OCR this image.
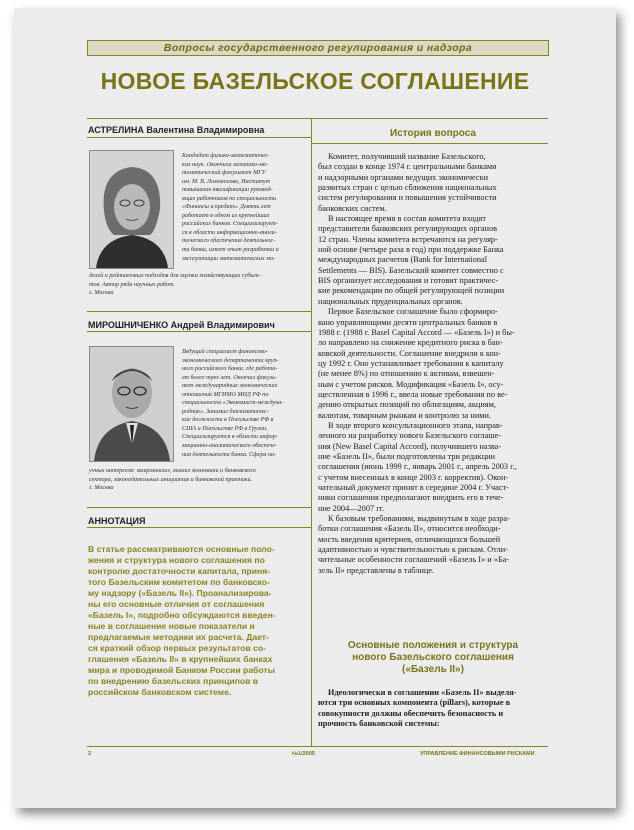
Вопросы государственного регулирования и надзора
НОВОЕ БАЗЕЛЬСКОЕ СОГЛАШЕНИЕ
АСТРЕЛИНА Валентина Владимировна
Кандидат физико-математичес-
ких наук. Окончила механико-ма-
тематический факультет МГУ
им. М. В. Ломоносова, Институт
повышения квалификации руковод-
ящих работников по специальности
«Финансы и кредит». Девять лет
работает в одном из крупнейших
российских банков. Специализирует-
ся в области информационно-анали-
тического обеспечения деятельнос-
ти банка, имеет опыт разработки и
эксплуатации математических мо-
делей и рейтинговых подходов для оценки хозяйствующих субъек-
тов. Автор ряда научных работ.
г. Москва
МИРОШНИЧЕНКО Андрей Владимирович
Ведущий специалист финансово-
экономического департамента круп-
ного российского банка, где работа-
ет более трех лет. Окончил факуль-
тет международных экономических
отношений МГИМО МИД РФ по
специальности «Экономист-междуна-
родник». Занимал дипломатичес-
кие должности в Посольстве РФ в
США и Посольстве РФ в Грузии.
Специализируется в области инфор-
мационно-аналитического обеспече-
ния деятельности банка. Сфера на-
учных интересов: макроанализ, анализ экономики и банковского
сектора, законодательных инициатив и банковской практики.
г. Москва
АННОТАЦИЯ
В статье рассматриваются основные поло-
жения и структура нового соглашения по
контролю достаточности капитала, приня-
того Базельским комитетом по банковско-
му надзору («Базель II»). Проанализирова-
ны его основные отличия от соглашения
«Базель I», подробно обсуждаются введен-
ные в соглашение новые показатели и
предлагаемые методики их расчета. Дает-
ся краткий обзор первых результатов со-
глашения «Базель II» в крупнейших банках
мира и проводимой Банком России работы
по внедрению базельских принципов в
российском банковском системе.
История вопроса
Комитет, получивший название Базельского,
был создан в конце 1974 г. центральными банками
и надзорными органами ведущих экономически
развитых стран с целью сближения национальных
систем регулирования и повышения устойчивости
банковских систем.
В настоящее время в состав комитета входят
представители банковских регулирующих органов
12 стран. Члены комитета встречаются на регуляр-
ной основе (четыре раза в год) при поддержке Банка
международных расчетов (Bank for International
Settlements — BIS). Базельский комитет совместно с
BIS организует исследования и готовит практичес-
кие рекомендации по общей регулирующей позиции
национальных пруденциальных органов.
Первое Базельское соглашение было сформиро-
вано управляющими десяти центральных банков в
1988 г. (1988 г. Basel Capital Accord — «Базель I») и бы-
ло направлено на снижение кредитного риска в бан-
ковской деятельности. Соглашение внедрили к кон-
цу 1992 г. Оно устанавливает требования к капиталу
(не менее 8%) по отношению к активам, взвешен-
ным с учетом рисков. Модификация «Базель I», осу-
ществленная в 1996 г., ввела новые требования по ве-
дению открытых позиций по облигациям, акциям,
валютам, товарным рынкам и контролю за ними.
В ходе второго консультационного этапа, направ-
ленного на разработку нового Базельского соглаше-
ния (New Basel Capital Accord), получившего назва-
ние «Базель II», были подготовлены три редакции
соглашения (июнь 1999 г., январь 2001 г., апрель 2003 г.,
с учетом внесенных в конце 2003 г. корректив). Окон-
чательный документ принят в середине 2004 г. Участ-
ники соглашения предполагают внедрить его в тече-
ние 2004—2007 гг.
К базовым требованиям, выдвинутым в ходе разра-
ботки соглашения «Базель II», относится необходи-
мость введения критериев, отличающихся большей
адаптивностью и чувствительностью к рискам. Отли-
чительные особенности соглашений «Базель I» и «Ба-
зель II» представлены в таблице.
Основные положения и структура
нового Базельского соглашения
(«Базель II»)
Идеологически в соглашении «Базель II» выделя-
ются три основных компонента (pillars), которые в
совокупности должны обеспечить безопасность и
прочность банковской системы:
2	№1/2005	УПРАВЛЕНИЕ ФИНАНСОВЫМИ РИСКАМИ
